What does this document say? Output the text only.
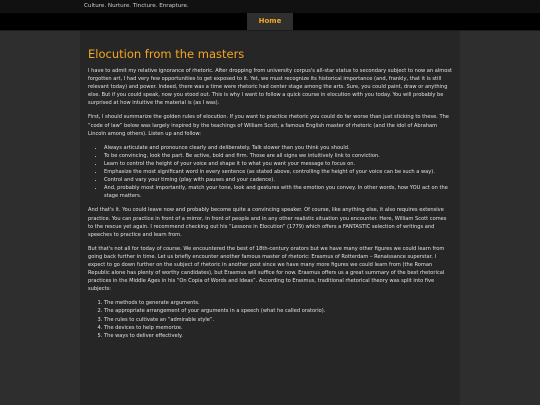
Culture. Nurture. Tincture. Enrapture.
Home
Elocution from the masters

I have to admit my relative ignorance of rhetoric. After dropping from university corpus's all-star status to secondary subject to now an almost forgotten art, I had very few opportunities to get exposed to it. Yet, we must recognize its historical importance (and, frankly, that it is still relevant today) and power. Indeed, there was a time were rhetoric had center stage among the arts. Sure, you could paint, draw or anything else. But if you could speak, now you stood out. This is why I want to follow a quick course in elocution with you today. You will probably be surprised at how intuitive the material is (as I was).

First, I should summarize the golden rules of elocution. If you want to practice rhetoric you could do far worse than just sticking to these. The “code of law” below was largely inspired by the teachings of William Scott, a famous English master of rhetoric (and the idol of Abraham Lincoln among others). Listen up and follow:

• Always articulate and pronounce clearly and deliberately. Talk slower than you think you should.
• To be convincing, look the part. Be active, bold and firm. Those are all signs we intuitively link to conviction.
• Learn to control the height of your voice and shape it to what you want your message to focus on.
• Emphasize the most significant word in every sentence (as stated above, controlling the height of your voice can be such a way).
• Control and vary your timing (play with pauses and your cadence).
• And, probably most importantly, match your tone, look and gestures with the emotion you convey. In other words, how YOU act on the stage matters.

And that's it. You could leave now and probably become quite a convincing speaker. Of course, like anything else, it also requires extensive practice. You can practice in front of a mirror, in front of people and in any other realistic situation you encounter. Here, William Scott comes to the rescue yet again. I recommend checking out his “Lessons in Elocution” (1779) which offers a FANTASTIC selection of writings and speeches to practice and learn from.

But that's not all for today of course. We encountered the best of 18th-century orators but we have many other figures we could learn from going back further in time. Let us briefly encounter another famous master of rhetoric: Erasmus of Rotterdam – Renaissance superstar. I expect to go down further on the subject of rhetoric in another post since we have many more figures we could learn from (the Roman Republic alone has plenty of worthy candidates), but Erasmus will suffice for now. Erasmus offers us a great summary of the best rhetorical practices in the Middle Ages in his “On Copia of Words and Ideas”. According to Erasmus, traditional rhetorical theory was split into five subjects:

1. The methods to generate arguments.
2. The appropriate arrangement of your arguments in a speech (what he called oratorio).
3. The rules to cultivate an “admirable style”.
4. The devices to help memorize.
5. The ways to deliver effectively.
